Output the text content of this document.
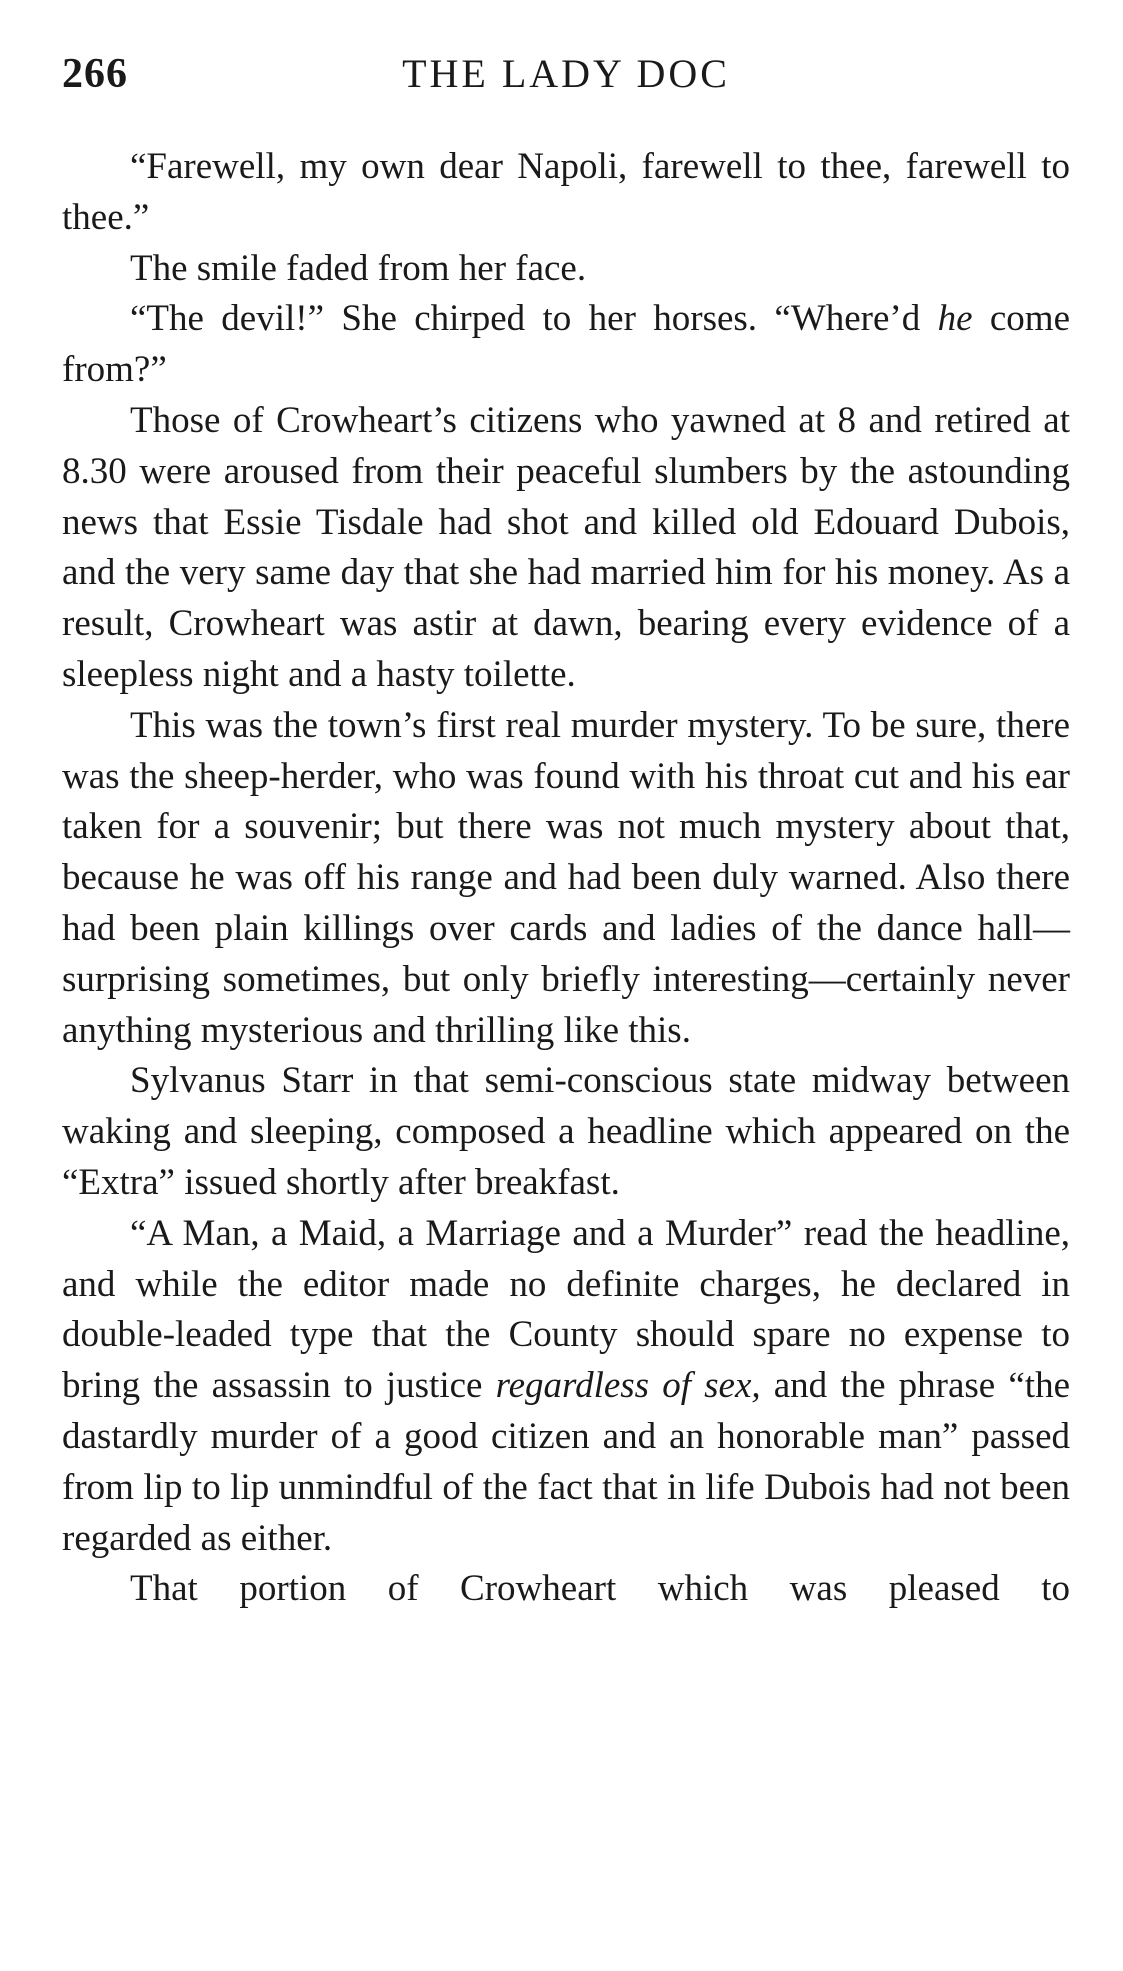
266	THE LADY DOC

“Farewell, my own dear Napoli, farewell to thee, farewell to thee.”

The smile faded from her face.

“The devil!” She chirped to her horses. “Where’d he come from?”

Those of Crowheart’s citizens who yawned at 8 and retired at 8.30 were aroused from their peaceful slumbers by the astounding news that Essie Tisdale had shot and killed old Edouard Dubois, and the very same day that she had married him for his money. As a result, Crowheart was astir at dawn, bearing every evidence of a sleepless night and a hasty toilette.

This was the town’s first real murder mystery. To be sure, there was the sheep-herder, who was found with his throat cut and his ear taken for a souvenir; but there was not much mystery about that, because he was off his range and had been duly warned. Also there had been plain killings over cards and ladies of the dance hall—surprising sometimes, but only briefly interesting—certainly never anything mysterious and thrilling like this.

Sylvanus Starr in that semi-conscious state midway between waking and sleeping, composed a headline which appeared on the “Extra” issued shortly after breakfast.

“A Man, a Maid, a Marriage and a Murder” read the headline, and while the editor made no definite charges, he declared in double-leaded type that the County should spare no expense to bring the assassin to justice regardless of sex, and the phrase “the dastardly murder of a good citizen and an honorable man” passed from lip to lip unmindful of the fact that in life Dubois had not been regarded as either.

That portion of Crowheart which was pleased to
